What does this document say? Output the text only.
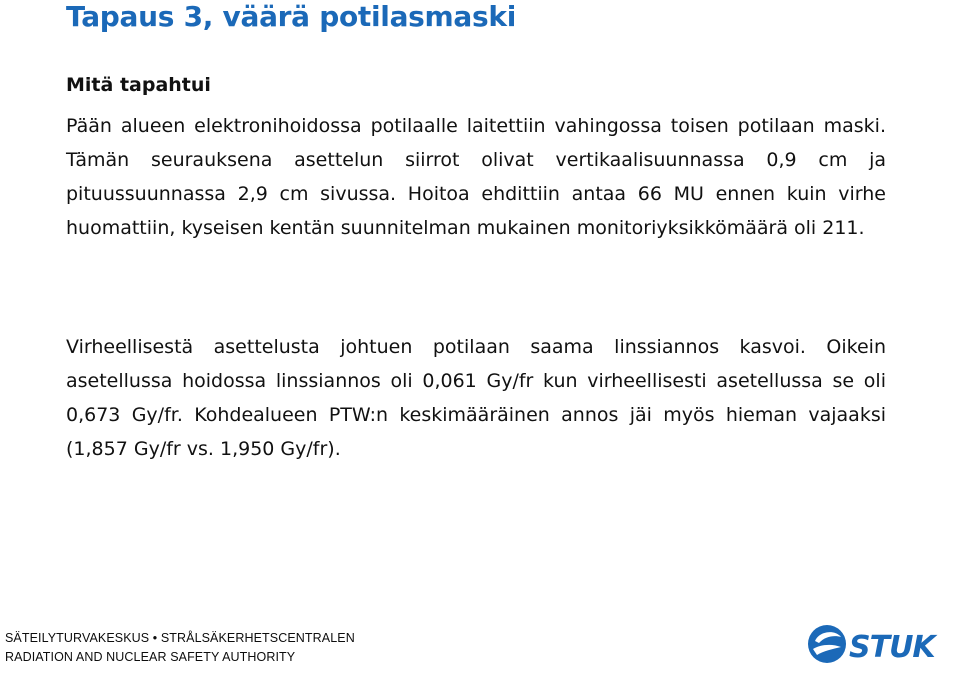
Tapaus 3, väärä potilasmaski
Mitä tapahtui

Pään alueen elektronihoidossa potilaalle laitettiin vahingossa toisen potilaan maski. Tämän seurauksena asettelun siirrot olivat vertikaalisuunnassa 0,9 cm ja pituussuunnassa 2,9 cm sivussa. Hoitoa ehdittiin antaa 66 MU ennen kuin virhe huomattiin, kyseisen kentän suunnitelman mukainen monitoriyksikkömäärä oli 211.

Virheellisestä asettelusta johtuen potilaan saama linssiannos kasvoi. Oikein asetellussa hoidossa linssiannos oli 0,061 Gy/fr kun virheellisesti asetellussa se oli 0,673 Gy/fr. Kohdealueen PTW:n keskimääräinen annos jäi myös hieman vajaaksi (1,857 Gy/fr vs. 1,950 Gy/fr).

SÄTEILYTURVAKESKUS • STRÅLSÄKERHETSCENTRALEN
RADIATION AND NUCLEAR SAFETY AUTHORITY	STUK
